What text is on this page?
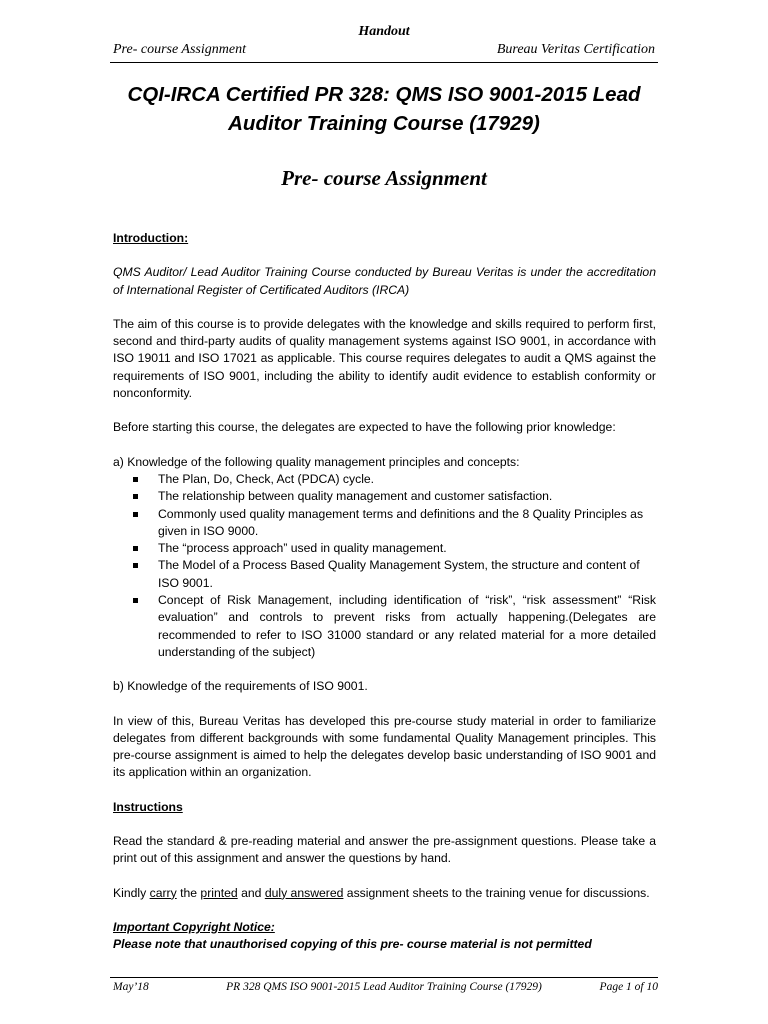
Handout
Pre- course Assignment	Bureau Veritas Certification
CQI-IRCA Certified PR 328: QMS ISO 9001-2015 Lead
Auditor Training Course (17929)
Pre- course Assignment

Introduction:

QMS Auditor/ Lead Auditor Training Course conducted by Bureau Veritas is under the accreditation of International Register of Certificated Auditors (IRCA)

The aim of this course is to provide delegates with the knowledge and skills required to perform first, second and third-party audits of quality management systems against ISO 9001, in accordance with ISO 19011 and ISO 17021 as applicable. This course requires delegates to audit a QMS against the requirements of ISO 9001, including the ability to identify audit evidence to establish conformity or nonconformity.

Before starting this course, the delegates are expected to have the following prior knowledge:

a) Knowledge of the following quality management principles and concepts:

The Plan, Do, Check, Act (PDCA) cycle.
The relationship between quality management and customer satisfaction.
Commonly used quality management terms and definitions and the 8 Quality Principles as given in ISO 9000.
The “process approach” used in quality management.
The Model of a Process Based Quality Management System, the structure and content of ISO 9001.
Concept of Risk Management, including identification of “risk”, “risk assessment” “Risk evaluation” and controls to prevent risks from actually happening.(Delegates are recommended to refer to ISO 31000 standard or any related material for a more detailed understanding of the subject)

b) Knowledge of the requirements of ISO 9001.

In view of this, Bureau Veritas has developed this pre-course study material in order to familiarize delegates from different backgrounds with some fundamental Quality Management principles. This pre-course assignment is aimed to help the delegates develop basic understanding of ISO 9001 and its application within an organization.

Instructions

Read the standard & pre-reading material and answer the pre-assignment questions. Please take a print out of this assignment and answer the questions by hand.

Kindly carry the printed and duly answered assignment sheets to the training venue for discussions.

Important Copyright Notice:
Please note that unauthorised copying of this pre- course material is not permitted

May’18	PR 328 QMS ISO 9001-2015 Lead Auditor Training Course (17929)	Page 1 of 10
